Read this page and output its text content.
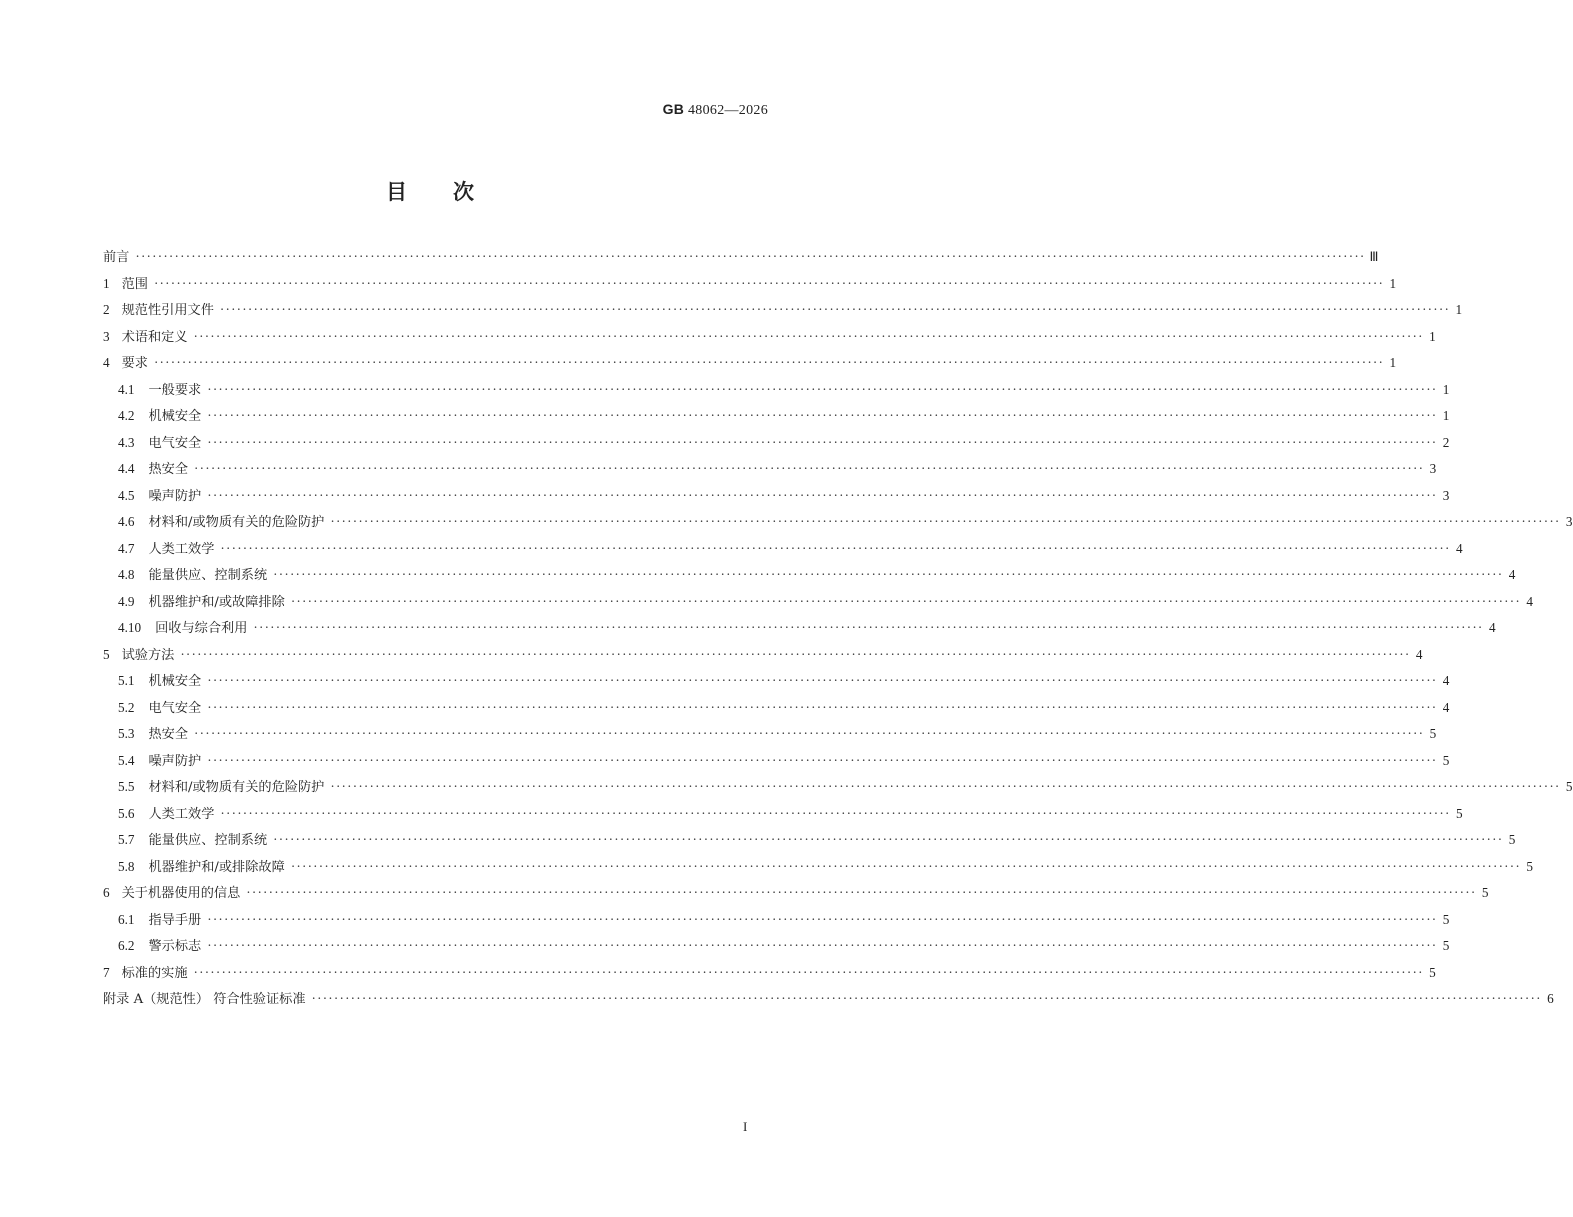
GB 48062—2026
目 次
前言 ···························································································································································································································· Ⅲ
1 范围 ···························································································································································································································· 1
2 规范性引用文件 ···························································································································································································································· 1
3 术语和定义 ···························································································································································································································· 1
4 要求 ···························································································································································································································· 1
4.1 一般要求 ···························································································································································································································· 1
4.2 机械安全 ···························································································································································································································· 1
4.3 电气安全 ···························································································································································································································· 2
4.4 热安全 ···························································································································································································································· 3
4.5 噪声防护 ···························································································································································································································· 3
4.6 材料和/或物质有关的危险防护 ···························································································································································································································· 3
4.7 人类工效学 ···························································································································································································································· 4
4.8 能量供应、控制系统 ···························································································································································································································· 4
4.9 机器维护和/或故障排除 ···························································································································································································································· 4
4.10 回收与综合利用 ···························································································································································································································· 4
5 试验方法 ···························································································································································································································· 4
5.1 机械安全 ···························································································································································································································· 4
5.2 电气安全 ···························································································································································································································· 4
5.3 热安全 ···························································································································································································································· 5
5.4 噪声防护 ···························································································································································································································· 5
5.5 材料和/或物质有关的危险防护 ···························································································································································································································· 5
5.6 人类工效学 ···························································································································································································································· 5
5.7 能量供应、控制系统 ···························································································································································································································· 5
5.8 机器维护和/或排除故障 ···························································································································································································································· 5
6 关于机器使用的信息 ···························································································································································································································· 5
6.1 指导手册 ···························································································································································································································· 5
6.2 警示标志 ···························································································································································································································· 5
7 标准的实施 ···························································································································································································································· 5
附录 A（规范性） 符合性验证标准 ···························································································································································································································· 6
I
